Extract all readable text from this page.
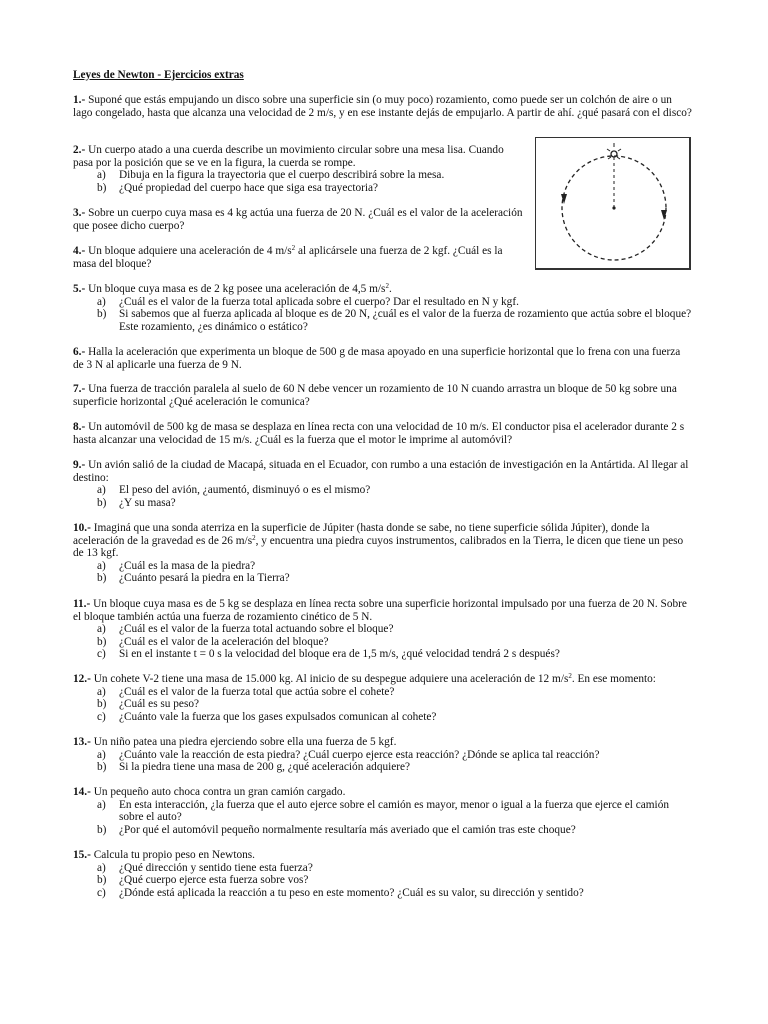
Leyes de Newton - Ejercicios extras
1.- Suponé que estás empujando un disco sobre una superficie sin (o muy poco) rozamiento, como puede ser un colchón de aire o un lago congelado, hasta que alcanza una velocidad de 2 m/s, y en ese instante dejás de empujarlo. A partir de ahí. ¿qué pasará con el disco?
2.- Un cuerpo atado a una cuerda describe un movimiento circular sobre una mesa lisa. Cuando pasa por la posición que se ve en la figura, la cuerda se rompe.
a) Dibuja en la figura la trayectoria que el cuerpo describirá sobre la mesa.
b) ¿Qué propiedad del cuerpo hace que siga esa trayectoria?
3.- Sobre un cuerpo cuya masa es 4 kg actúa una fuerza de 20 N. ¿Cuál es el valor de la aceleración que posee dicho cuerpo?
4.- Un bloque adquiere una aceleración de 4 $m/s^2$ al aplicársele una fuerza de 2 kgf. ¿Cuál es la masa del bloque?
5.- Un bloque cuya masa es de 2 kg posee una aceleración de 4,5 $m/s^2$.
a) ¿Cuál es el valor de la fuerza total aplicada sobre el cuerpo? Dar el resultado en N y kgf.
b) Si sabemos que al fuerza aplicada al bloque es de 20 N, ¿cuál es el valor de la fuerza de rozamiento que actúa sobre el bloque? Este rozamiento, ¿es dinámico o estático?
6.- Halla la aceleración que experimenta un bloque de 500 g de masa apoyado en una superficie horizontal que lo frena con una fuerza de 3 N al aplicarle una fuerza de 9 N.
7.- Una fuerza de tracción paralela al suelo de 60 N debe vencer un rozamiento de 10 N cuando arrastra un bloque de 50 kg sobre una superficie horizontal ¿Qué aceleración le comunica?
8.- Un automóvil de 500 kg de masa se desplaza en línea recta con una velocidad de 10 m/s. El conductor pisa el acelerador durante 2 s hasta alcanzar una velocidad de 15 m/s. ¿Cuál es la fuerza que el motor le imprime al automóvil?
9.- Un avión salió de la ciudad de Macapá, situada en el Ecuador, con rumbo a una estación de investigación en la Antártida. Al llegar al destino:
a) El peso del avión, ¿aumentó, disminuyó o es el mismo?
b) ¿Y su masa?
10.- Imaginá que una sonda aterriza en la superficie de Júpiter (hasta donde se sabe, no tiene superficie sólida Júpiter), donde la aceleración de la gravedad es de 26 $m/s^2$, y encuentra una piedra cuyos instrumentos, calibrados en la Tierra, le dicen que tiene un peso de 13 kgf.
a) ¿Cuál es la masa de la piedra?
b) ¿Cuánto pesará la piedra en la Tierra?
11.- Un bloque cuya masa es de 5 kg se desplaza en línea recta sobre una superficie horizontal impulsado por una fuerza de 20 N. Sobre el bloque también actúa una fuerza de rozamiento cinético de 5 N.
a) ¿Cuál es el valor de la fuerza total actuando sobre el bloque?
b) ¿Cuál es el valor de la aceleración del bloque?
c) Si en el instante t = 0 s la velocidad del bloque era de 1,5 m/s, ¿qué velocidad tendrá 2 s después?
12.- Un cohete V-2 tiene una masa de 15.000 kg. Al inicio de su despegue adquiere una aceleración de 12 $m/s^2$. En ese momento:
a) ¿Cuál es el valor de la fuerza total que actúa sobre el cohete?
b) ¿Cuál es su peso?
c) ¿Cuánto vale la fuerza que los gases expulsados comunican al cohete?
13.- Un niño patea una piedra ejerciendo sobre ella una fuerza de 5 kgf.
a) ¿Cuánto vale la reacción de esta piedra? ¿Cuál cuerpo ejerce esta reacción? ¿Dónde se aplica tal reacción?
b) Si la piedra tiene una masa de 200 g, ¿qué aceleración adquiere?
14.- Un pequeño auto choca contra un gran camión cargado.
a) En esta interacción, ¿la fuerza que el auto ejerce sobre el camión es mayor, menor o igual a la fuerza que ejerce el camión sobre el auto?
b) ¿Por qué el automóvil pequeño normalmente resultaría más averiado que el camión tras este choque?
15.- Calcula tu propio peso en Newtons.
a) ¿Qué dirección y sentido tiene esta fuerza?
b) ¿Qué cuerpo ejerce esta fuerza sobre vos?
c) ¿Dónde está aplicada la reacción a tu peso en este momento? ¿Cuál es su valor, su dirección y sentido?
